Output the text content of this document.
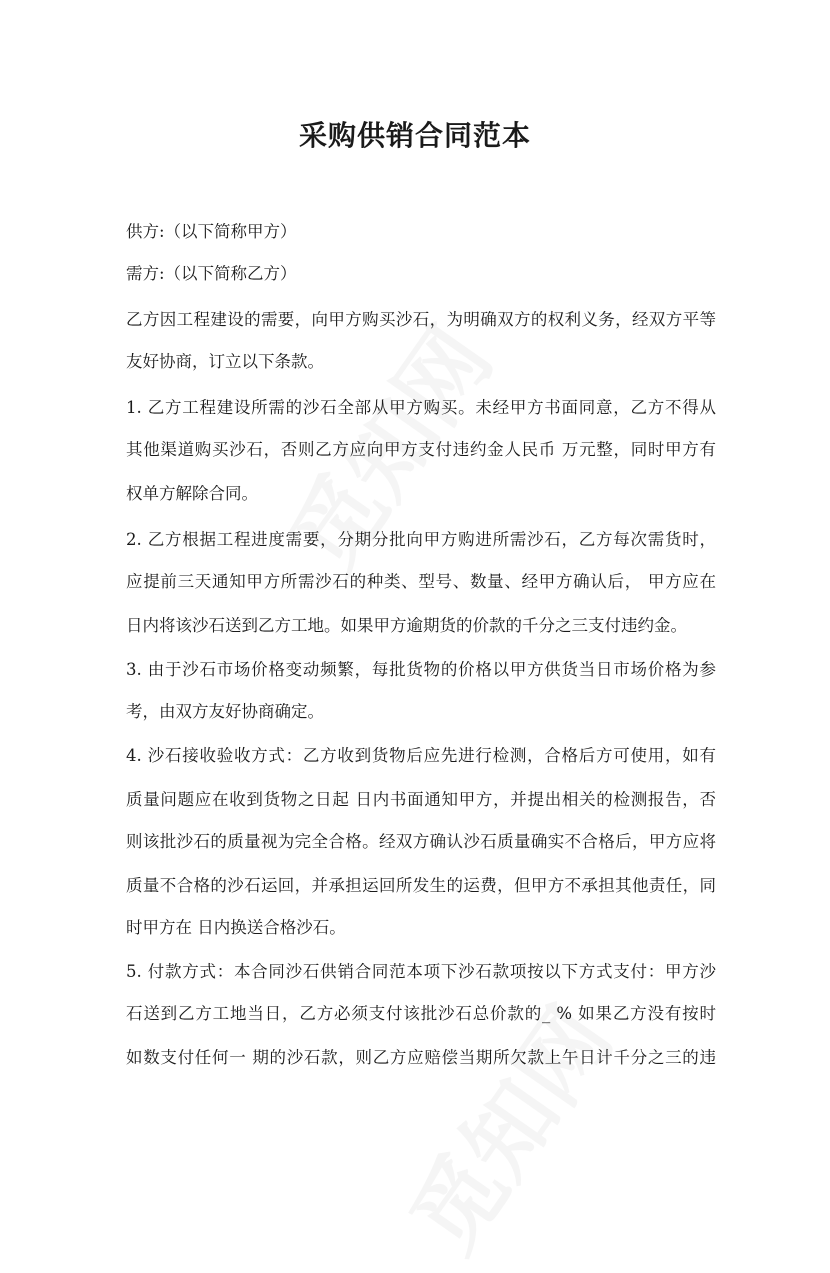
采购供销合同范本
供方:（以下简称甲方）
需方:（以下简称乙方）
乙方因工程建设的需要，向甲方购买沙石，为明确双方的权利义务，经双方平等
友好协商，订立以下条款。
1. 乙方工程建设所需的沙石全部从甲方购买。未经甲方书面同意，乙方不得从
其他渠道购买沙石，否则乙方应向甲方支付违约金人民币 万元整，同时甲方有
权单方解除合同。
2. 乙方根据工程进度需要，分期分批向甲方购进所需沙石，乙方每次需货时，
应提前三天通知甲方所需沙石的种类、型号、数量、经甲方确认后， 甲方应在
日内将该沙石送到乙方工地。如果甲方逾期货的价款的千分之三支付违约金。
3. 由于沙石市场价格变动频繁，每批货物的价格以甲方供货当日市场价格为参
考，由双方友好协商确定。
4. 沙石接收验收方式：乙方收到货物后应先进行检测，合格后方可使用，如有
质量问题应在收到货物之日起 日内书面通知甲方，并提出相关的检测报告，否
则该批沙石的质量视为完全合格。经双方确认沙石质量确实不合格后，甲方应将
质量不合格的沙石运回，并承担运回所发生的运费，但甲方不承担其他责任，同
时甲方在 日内换送合格沙石。
5. 付款方式：本合同沙石供销合同范本项下沙石款项按以下方式支付：甲方沙
石送到乙方工地当日，乙方必须支付该批沙石总价款的_ % 如果乙方没有按时
如数支付任何一 期的沙石款，则乙方应赔偿当期所欠款上午日计千分之三的违
